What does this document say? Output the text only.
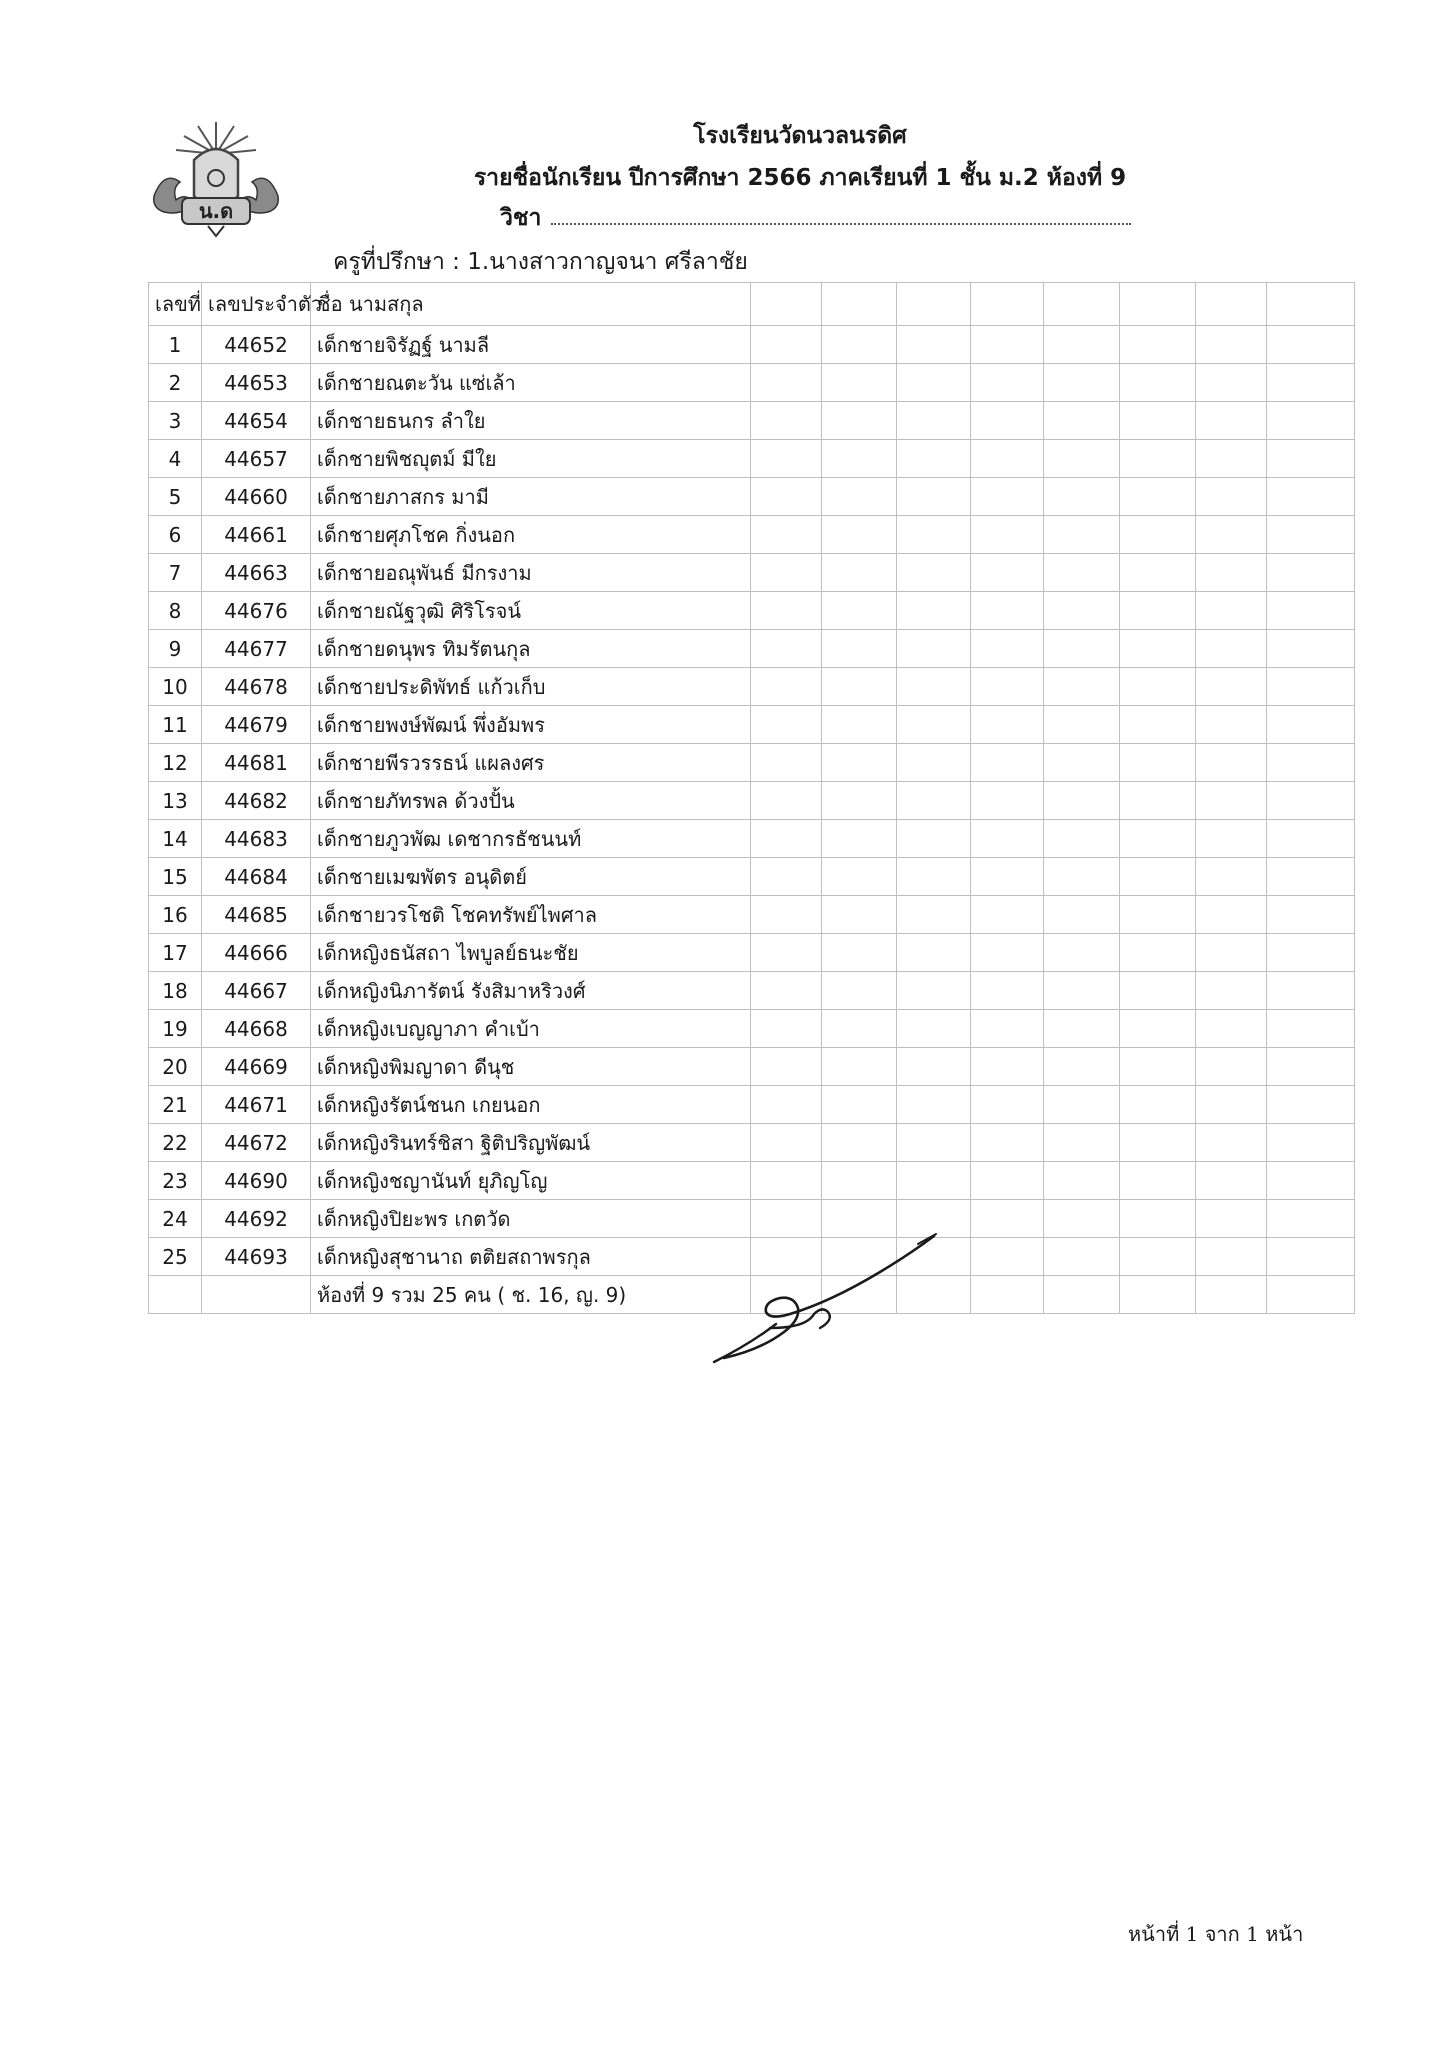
น.ด
โรงเรียนวัดนวลนรดิศ
รายชื่อนักเรียน ปีการศึกษา 2566 ภาคเรียนที่ 1 ชั้น ม.2 ห้องที่ 9
วิชา
ครูที่ปรึกษา : 1.นางสาวกาญจนา ศรีลาชัย
เลขที่	เลขประจำตัว	ชื่อ นามสกุล								
1	44652	เด็กชายจิรัฏฐ์ นามลี								
2	44653	เด็กชายณตะวัน แซ่เล้า								
3	44654	เด็กชายธนกร ลำใย								
4	44657	เด็กชายพิชญุตม์ มีใย								
5	44660	เด็กชายภาสกร มามี								
6	44661	เด็กชายศุภโชค กิ่งนอก								
7	44663	เด็กชายอณุพันธ์ มีกรงาม								
8	44676	เด็กชายณัฐวุฒิ ศิริโรจน์								
9	44677	เด็กชายดนุพร ทิมรัตนกุล								
10	44678	เด็กชายประดิพัทธ์ แก้วเก็บ								
11	44679	เด็กชายพงษ์พัฒน์ พึ่งอัมพร								
12	44681	เด็กชายพีรวรรธน์ แผลงศร								
13	44682	เด็กชายภัทรพล ด้วงปั้น								
14	44683	เด็กชายภูวพัฒ เดชากรธัชนนท์								
15	44684	เด็กชายเมฆพัตร อนุดิตย์								
16	44685	เด็กชายวรโชติ โชคทรัพย์ไพศาล								
17	44666	เด็กหญิงธนัสถา ไพบูลย์ธนะชัย								
18	44667	เด็กหญิงนิภารัตน์ รังสิมาหริวงศ์								
19	44668	เด็กหญิงเบญญาภา คำเบ้า								
20	44669	เด็กหญิงพิมญาดา ดีนุช								
21	44671	เด็กหญิงรัตน์ชนก เกยนอก								
22	44672	เด็กหญิงรินทร์ชิสา ฐิติปริญพัฒน์								
23	44690	เด็กหญิงชญานันท์ ยุภิญโญ								
24	44692	เด็กหญิงปิยะพร เกตวัด								
25	44693	เด็กหญิงสุชานาถ ตติยสถาพรกุล								
		ห้องที่ 9 รวม 25 คน ( ช. 16, ญ. 9)								
หน้าที่ 1 จาก 1 หน้า
